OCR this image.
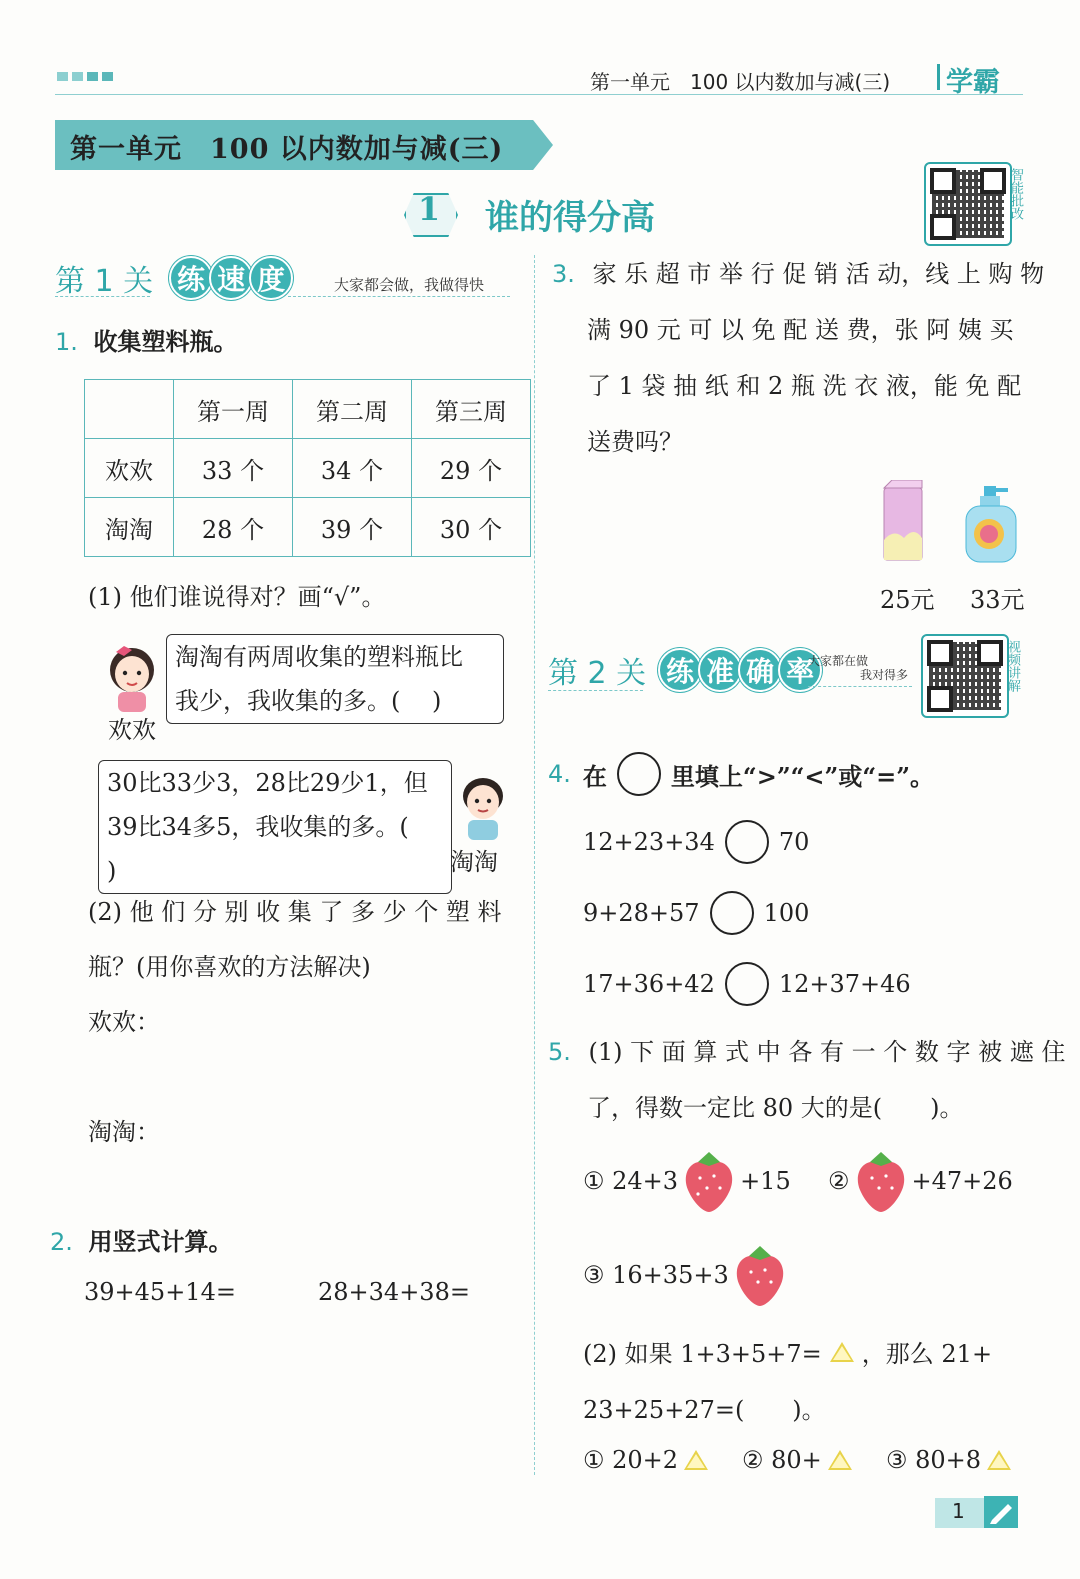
第一单元　100 以内数加与减(三) 学霸
第一单元　100 以内数加与减(三)
1	谁的得分高	智能批改
第 1 关 练 速 度	大家都会做，我做得快
1. 收集塑料瓶。
	第一周	第二周	第三周
欢欢	33 个	34 个	29 个
淘淘	28 个	39 个	30 个
(1) 他们谁说得对？画“√”。
欢欢
淘淘有两周收集的塑料瓶比
我少，我收集的多。(　 )
30比33少3，28比29少1，但
39比34多5，我收集的多。(　 )	淘淘
(2) 他 们 分 别 收 集 了 多 少 个 塑 料
瓶？(用你喜欢的方法解决)
欢欢：
淘淘：
2. 用竖式计算。
39+45+14=	28+34+38=
3. 家 乐 超 市 举 行 促 销 活 动，线 上 购 物
满 90 元 可 以 免 配 送 费，张 阿 姨 买
了 1 袋 抽 纸 和 2 瓶 洗 衣 液，能 免 配
送费吗？
25元 33元
第 2 关 练 准 确 率
大家都在做
我对得多	视频讲解
4. 在	里填上“>”“<”或“=”。
12+23+34	70
9+28+57	100
17+36+42	12+37+46
5. (1) 下 面 算 式 中 各 有 一 个 数 字 被 遮 住
了，得数一定比 80 大的是(　　)。
① 24+3	+15 ②	+47+26
③ 16+35+3
(2) 如果 1+3+5+7= ，那么 21+
23+25+27=(　　)。
① 20+2	② 80+	③ 80+8
1
